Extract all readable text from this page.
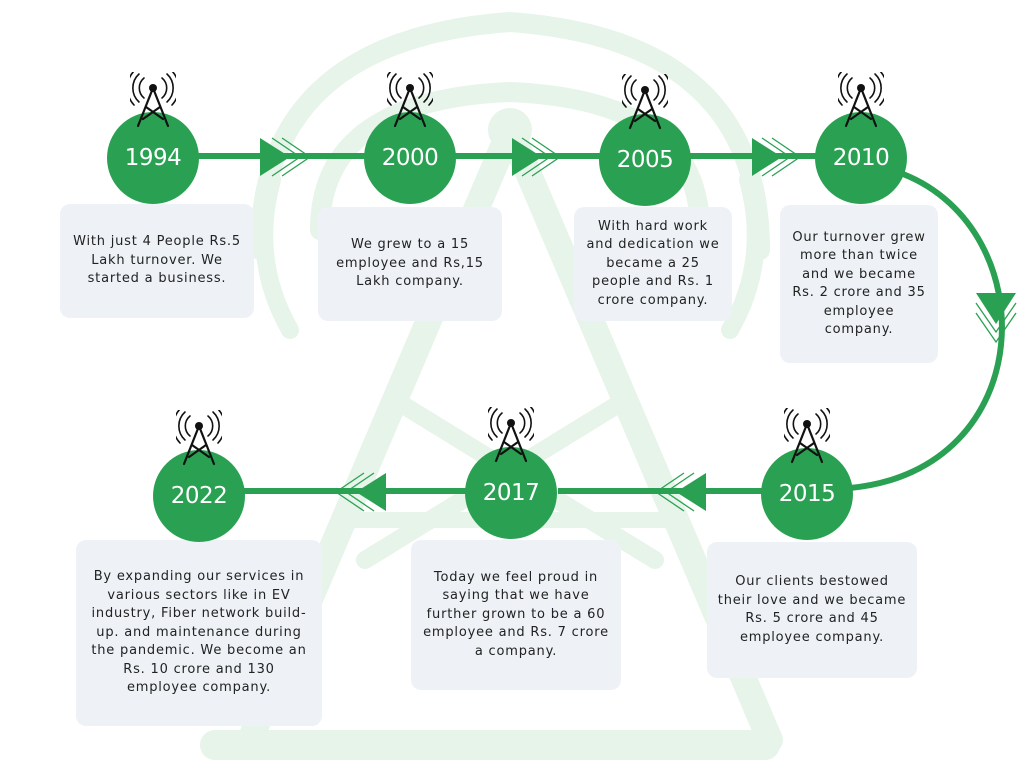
With just 4 People Rs.5 Lakh turnover. We started a business.
We grew to a 15 employee and Rs,15 Lakh company.
With hard work and dedication we became a 25 people and Rs. 1 crore company.
Our turnover grew more than twice and we became Rs. 2 crore and 35 employee company.
Our clients bestowed their love and we became Rs. 5 crore and 45 employee company.
Today we feel proud in saying that we have further grown to be a 60 employee and Rs. 7 crore a company.
By expanding our services in various sectors like in EV industry, Fiber network build-up. and maintenance during the pandemic. We become an Rs. 10 crore and 130 employee company.
1994	2000	2005	2010
2015
2017
2022
